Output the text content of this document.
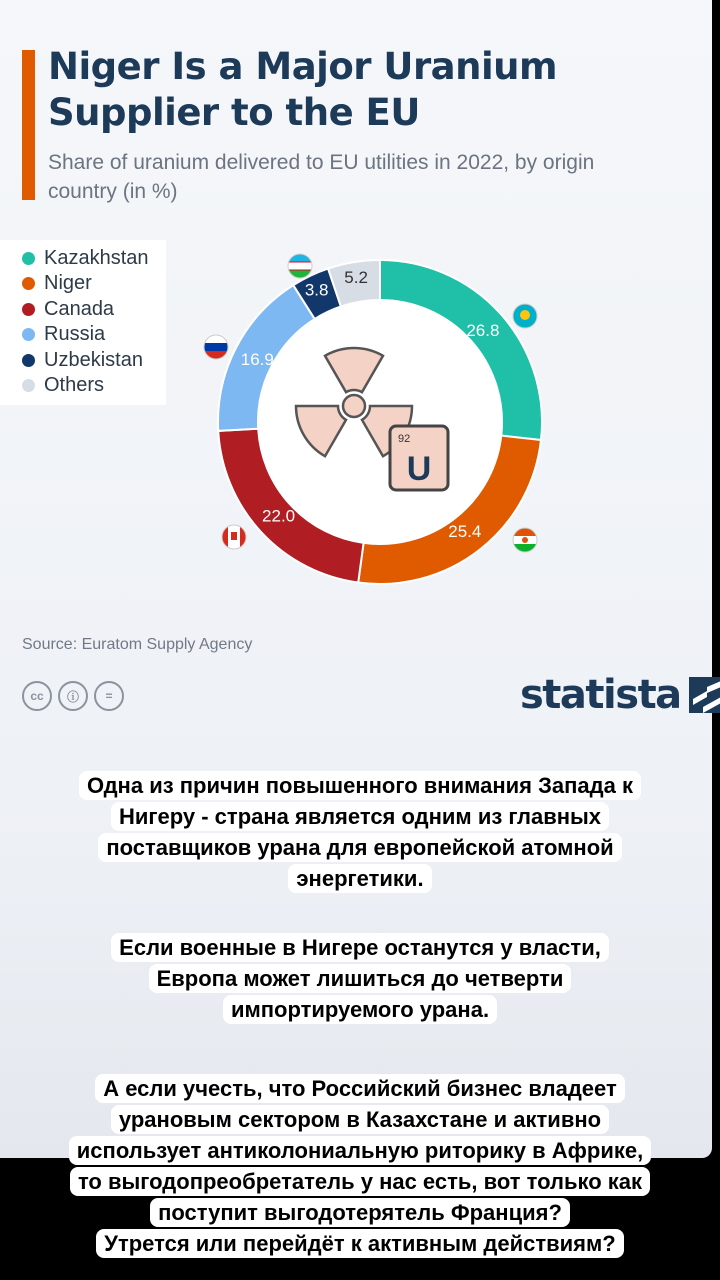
Niger Is a Major Uranium Supplier to the EU
Share of uranium delivered to EU utilities in 2022, by origin country (in %)
Kazakhstan
Niger
Canada
Russia
Uzbekistan
Others
26.8
25.4
22.0
16.9
3.8
5.2
92
U
Source: Euratom Supply Agency
cc	ⓘ	=	statista
Одна из причин повышенного внимания Запада к
Нигеру - страна является одним из главных
поставщиков урана для европейской атомной
энергетики.

Если военные в Нигере останутся у власти,
Европа может лишиться до четверти
импортируемого урана.

А если учесть, что Российский бизнес владеет
урановым сектором в Казахстане и активно
использует антиколониальную риторику в Африке,
то выгодопреобретатель у нас есть, вот только как
поступит выгодотерятель Франция?
Утрется или перейдёт к активным действиям?
